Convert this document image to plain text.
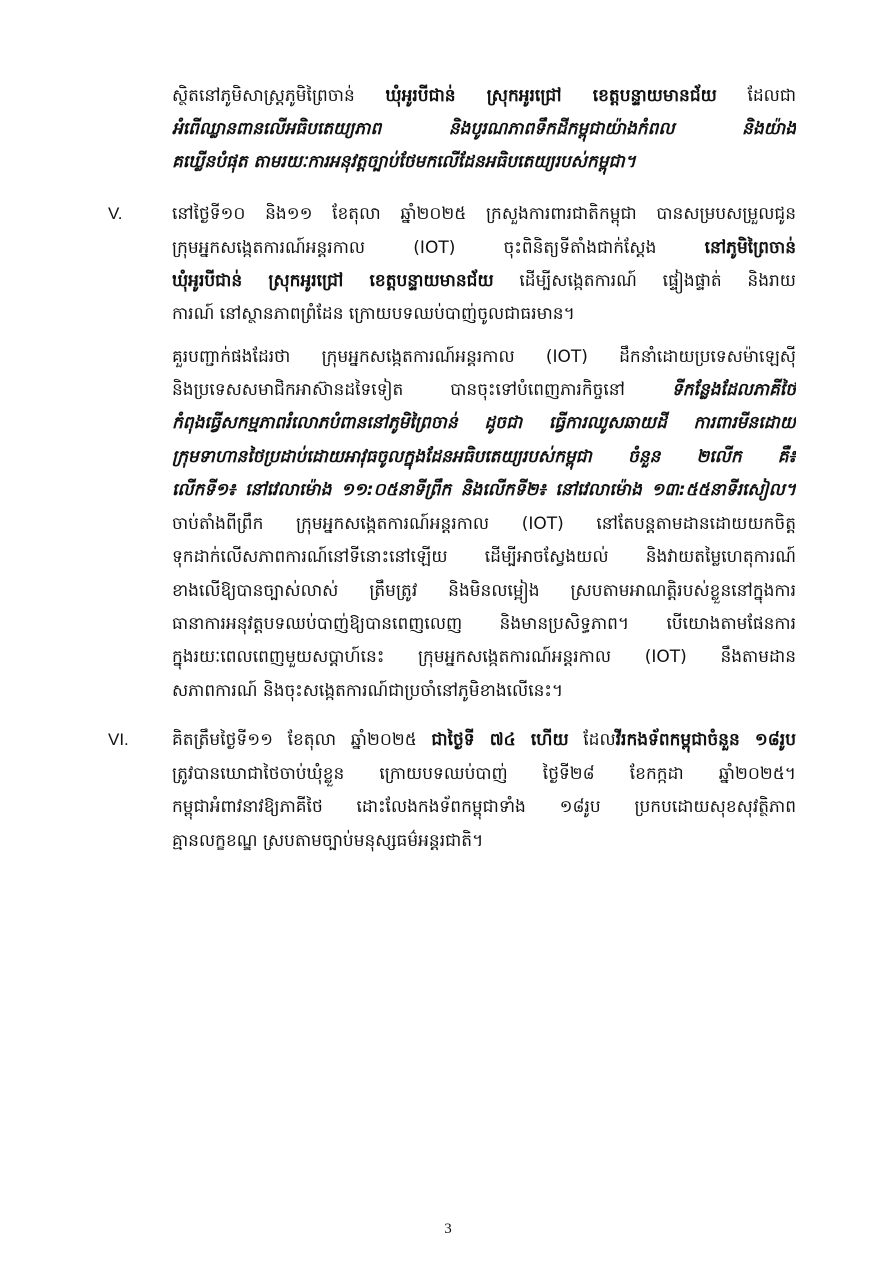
ស្ថិតនៅភូមិសាស្ត្រភូមិព្រៃចាន់ ឃុំអូរបីជាន់ ស្រុកអូរជ្រៅ ខេត្តបន្ទាយមានជ័យ ដែលជា
អំពើឈ្លានពានលើអធិបតេយ្យភាព និងបូរណភាពទឹកដីកម្ពុជាយ៉ាងកំពល និងយ៉ាង
គឃ្លើនបំផុត តាមរយៈការអនុវត្តច្បាប់ថែមកលើដែនអធិបតេយ្យរបស់កម្ពុជា។
V.	នៅថ្ងៃទី១០ និង១១ ខែតុលា ឆ្នាំ២០២៥ ក្រសួងការពារជាតិកម្ពុជា បានសម្របសម្រួលជូន
ក្រុមអ្នកសង្កេតការណ៍អន្តរកាល (IOT) ចុះពិនិត្យទីតាំងជាក់ស្ដែង នៅភូមិព្រៃចាន់
ឃុំអូរបីជាន់ ស្រុកអូរជ្រៅ ខេត្តបន្ទាយមានជ័យ ដើម្បីសង្កេតការណ៍ ផ្ទៀងផ្ទាត់ និងរាយ
ការណ៍ នៅស្ថានភាពព្រំដែន ក្រោយបទឈប់បាញ់ចូលជាធរមាន។
គួរបញ្ជាក់ផងដែរថា ក្រុមអ្នកសង្កេតការណ៍អន្តរកាល (IOT) ដឹកនាំដោយប្រទេសម៉ាឡេស៊ី
និងប្រទេសសមាជិកអាស៊ានដទៃទៀត បានចុះទៅបំពេញភារកិច្ចនៅ ទីកន្លែងដែលភាគីថៃ
កំពុងធ្វើសកម្មភាពរំលោភបំពាននៅភូមិព្រៃចាន់ ដូចជា ធ្វើការឈូសឆាយដី ការពារមីនដោយ
ក្រុមទាហានថៃប្រដាប់ដោយអាវុធចូលក្នុងដែនអធិបតេយ្យរបស់កម្ពុជា ចំនួន ២លើក គឺ៖
លើកទី១៖ នៅវេលាម៉ោង ១១:០៥នាទីព្រឹក និងលើកទី២៖ នៅវេលាម៉ោង ១៣:៥៥នាទីរសៀល។
ចាប់តាំងពីព្រឹក ក្រុមអ្នកសង្កេតការណ៍អន្តរកាល (IOT) នៅតែបន្តតាមដានដោយយកចិត្ត
ទុកដាក់លើសភាពការណ៍នៅទីនោះនៅឡើយ ដើម្បីអាចស្វែងយល់ និងវាយតម្លៃហេតុការណ៍
ខាងលើឱ្យបានច្បាស់លាស់ ត្រឹមត្រូវ និងមិនលម្អៀង ស្របតាមអាណត្តិរបស់ខ្លួននៅក្នុងការ
ធានាការអនុវត្តបទឈប់បាញ់ឱ្យបានពេញលេញ និងមានប្រសិទ្ធភាព។ បើយោងតាមផែនការ
ក្នុងរយៈពេលពេញមួយសប្ដាហ៍នេះ ក្រុមអ្នកសង្កេតការណ៍អន្តរកាល (IOT) នឹងតាមដាន
សភាពការណ៍ និងចុះសង្កេតការណ៍ជាប្រចាំនៅភូមិខាងលើនេះ។
VI.	គិតត្រឹមថ្ងៃទី១១ ខែតុលា ឆ្នាំ២០២៥ ជាថ្ងៃទី ៧៤ ហើយ ដែលវីរកងទ័ពកម្ពុជាចំនួន ១៨រូប
ត្រូវបានឃោជាថៃចាប់ឃុំខ្លួន ក្រោយបទឈប់បាញ់ ថ្ងៃទី២៨ ខែកក្កដា ឆ្នាំ២០២៥។
កម្ពុជាអំពាវនាវឱ្យភាគីថៃ ដោះលែងកងទ័ពកម្ពុជាទាំង ១៨រូប ប្រកបដោយសុខសុវត្ថិភាព
គ្មានលក្ខខណ្ឌ ស្របតាមច្បាប់មនុស្សធម៌អន្តរជាតិ។
3
